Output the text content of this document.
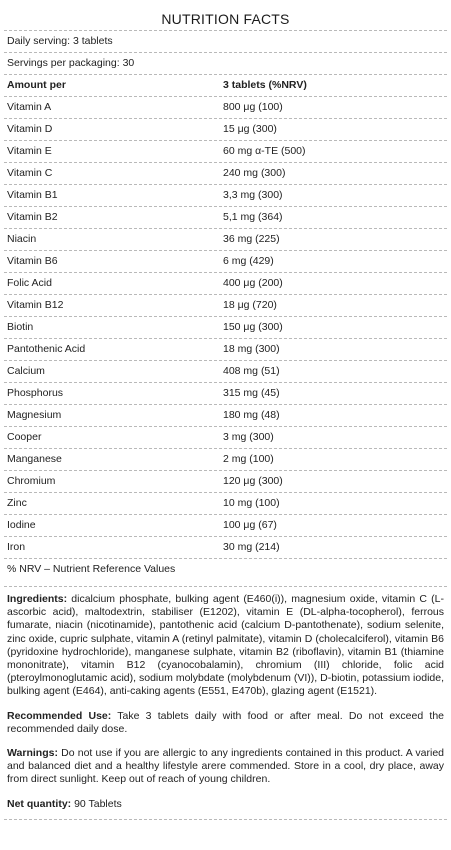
NUTRITION FACTS
Daily serving: 3 tablets
Servings per packaging: 30
Amount per	3 tablets (%NRV)
Vitamin A	800 μg (100)
Vitamin D	15 μg (300)
Vitamin E	60 mg α-TE (500)
Vitamin C	240 mg (300)
Vitamin B1	3,3 mg (300)
Vitamin B2	5,1 mg (364)
Niacin	36 mg (225)
Vitamin B6	6 mg (429)
Folic Acid	400 μg (200)
Vitamin B12	18 μg (720)
Biotin	150 μg (300)
Pantothenic Acid	18 mg (300)
Calcium	408 mg (51)
Phosphorus	315 mg (45)
Magnesium	180 mg (48)
Cooper	3 mg (300)
Manganese	2 mg (100)
Chromium	120 μg (300)
Zinc	10 mg (100)
Iodine	100 μg (67)
Iron	30 mg (214)
% NRV – Nutrient Reference Values
Ingredients: dicalcium phosphate, bulking agent (E460(i)), magnesium oxide, vitamin C (L-ascorbic acid), maltodextrin, stabiliser (E1202), vitamin E (DL-alpha-tocopherol), ferrous fumarate, niacin (nicotinamide), pantothenic acid (calcium D-pantothenate), sodium selenite, zinc oxide, cupric sulphate, vitamin A (retinyl palmitate), vitamin D (cholecalciferol), vitamin B6 (pyridoxine hydrochloride), manganese sulphate, vitamin B2 (riboflavin), vitamin B1 (thiamine mononitrate), vitamin B12 (cyanocobalamin), chromium (III) chloride, folic acid (pteroylmonoglutamic acid), sodium molybdate (molybdenum (VI)), D-biotin, potassium iodide, bulking agent (E464), anti-caking agents (E551, E470b), glazing agent (E1521).
Recommended Use: Take 3 tablets daily with food or after meal. Do not exceed the recommended daily dose.
Warnings: Do not use if you are allergic to any ingredients contained in this product. A varied and balanced diet and a healthy lifestyle arere commended. Store in a cool, dry place, away from direct sunlight. Keep out of reach of young children.
Net quantity: 90 Tablets
